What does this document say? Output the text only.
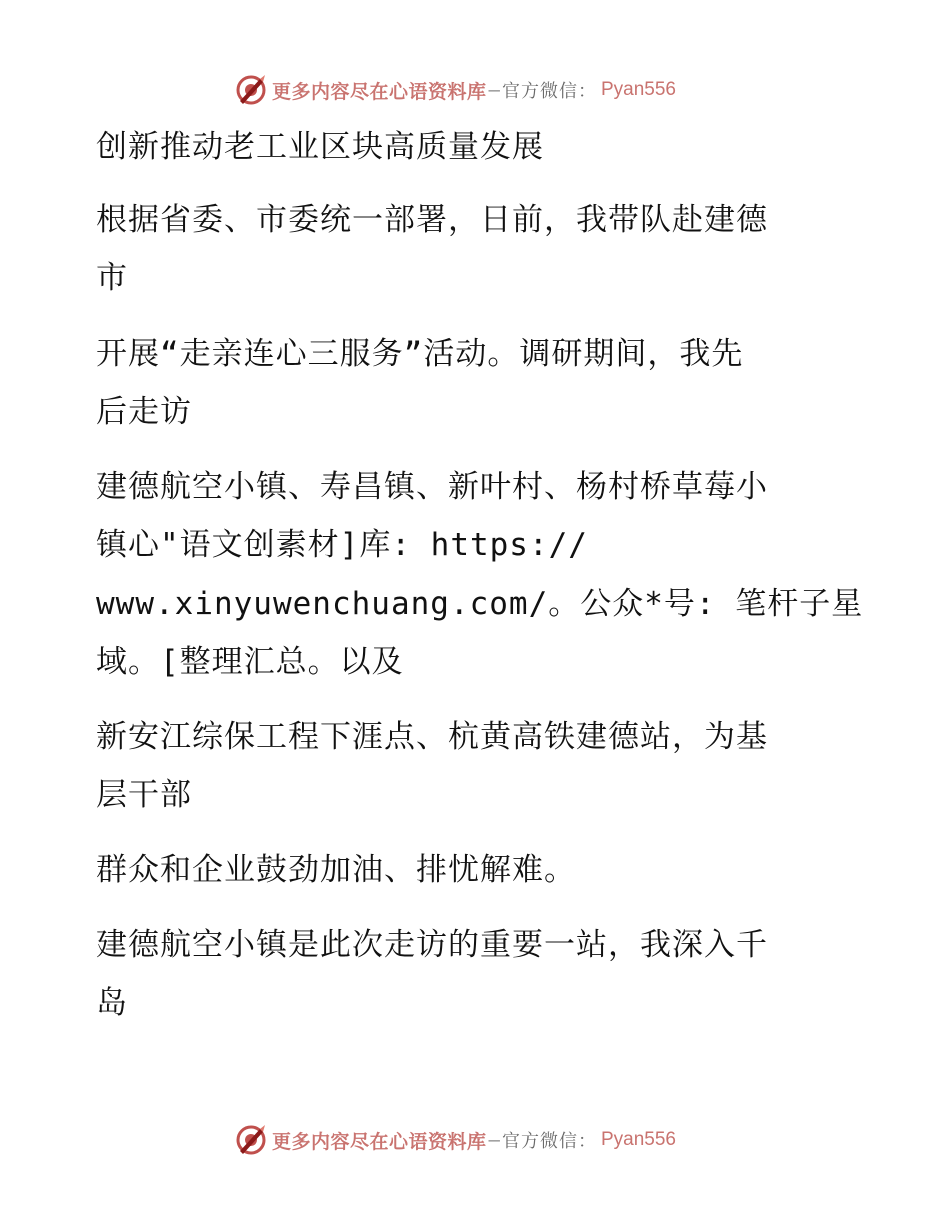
更多内容尽在心语资料库 — 官方微信： Pyan556
创新推动老工业区块高质量发展
根据省委、市委统一部署，日前，我带队赴建德
市
开展“走亲连心三服务”活动。调研期间，我先
后走访
建德航空小镇、寿昌镇、新叶村、杨村桥草莓小
镇心"语文创素材]库: https://
www.xinyuwenchuang.com/。公众*号: 笔杆子星
域。[整理汇总。以及
新安江综保工程下涯点、杭黄高铁建德站，为基
层干部
群众和企业鼓劲加油、排忧解难。
建德航空小镇是此次走访的重要一站，我深入千
岛
更多内容尽在心语资料库 — 官方微信： Pyan556
